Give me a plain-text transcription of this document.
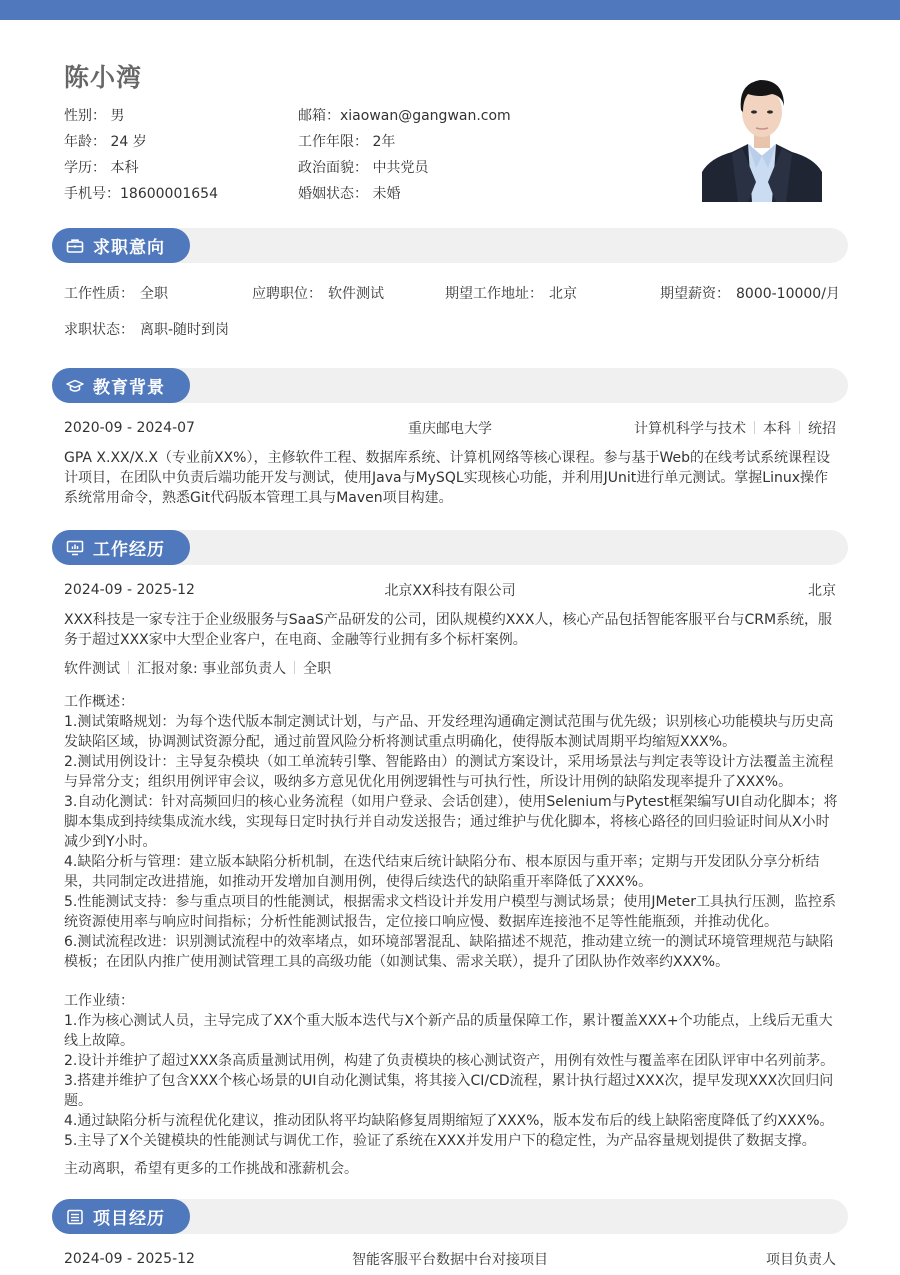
陈小湾
性别： 男	邮箱：xiaowan@gangwan.com
年龄： 24 岁	工作年限： 2年
学历： 本科	政治面貌： 中共党员
手机号：18600001654	婚姻状态： 未婚
求职意向
工作性质： 全职	应聘职位： 软件测试	期望工作地址： 北京	期望薪资： 8000-10000/月
求职状态： 离职-随时到岗
教育背景
2020-09 - 2024-07	重庆邮电大学	计算机科学与技术 本科 统招
GPA X.XX/X.X（专业前XX%），主修软件工程、数据库系统、计算机网络等核心课程。参与基于Web的在线考试系统课程设计项目，在团队中负责后端功能开发与测试，使用Java与MySQL实现核心功能，并利用JUnit进行单元测试。掌握Linux操作系统常用命令，熟悉Git代码版本管理工具与Maven项目构建。
工作经历
2024-09 - 2025-12	北京XX科技有限公司	北京
XXX科技是一家专注于企业级服务与SaaS产品研发的公司，团队规模约XXX人，核心产品包括智能客服平台与CRM系统，服务于超过XXX家中大型企业客户，在电商、金融等行业拥有多个标杆案例。
软件测试 汇报对象: 事业部负责人 全职
工作概述：
1.测试策略规划：为每个迭代版本制定测试计划，与产品、开发经理沟通确定测试范围与优先级；识别核心功能模块与历史高发缺陷区域，协调测试资源分配，通过前置风险分析将测试重点明确化，使得版本测试周期平均缩短XXX%。
2.测试用例设计：主导复杂模块（如工单流转引擎、智能路由）的测试方案设计，采用场景法与判定表等设计方法覆盖主流程与异常分支；组织用例评审会议，吸纳多方意见优化用例逻辑性与可执行性，所设计用例的缺陷发现率提升了XXX%。
3.自动化测试：针对高频回归的核心业务流程（如用户登录、会话创建），使用Selenium与Pytest框架编写UI自动化脚本；将脚本集成到持续集成流水线，实现每日定时执行并自动发送报告；通过维护与优化脚本，将核心路径的回归验证时间从X小时减少到Y小时。
4.缺陷分析与管理：建立版本缺陷分析机制，在迭代结束后统计缺陷分布、根本原因与重开率；定期与开发团队分享分析结果，共同制定改进措施，如推动开发增加自测用例，使得后续迭代的缺陷重开率降低了XXX%。
5.性能测试支持：参与重点项目的性能测试，根据需求文档设计并发用户模型与测试场景；使用JMeter工具执行压测，监控系统资源使用率与响应时间指标；分析性能测试报告，定位接口响应慢、数据库连接池不足等性能瓶颈，并推动优化。
6.测试流程改进：识别测试流程中的效率堵点，如环境部署混乱、缺陷描述不规范，推动建立统一的测试环境管理规范与缺陷模板；在团队内推广使用测试管理工具的高级功能（如测试集、需求关联），提升了团队协作效率约XXX%。
工作业绩：
1.作为核心测试人员，主导完成了XX个重大版本迭代与X个新产品的质量保障工作，累计覆盖XXX+个功能点，上线后无重大线上故障。
2.设计并维护了超过XXX条高质量测试用例，构建了负责模块的核心测试资产，用例有效性与覆盖率在团队评审中名列前茅。
3.搭建并维护了包含XXX个核心场景的UI自动化测试集，将其接入CI/CD流程，累计执行超过XXX次，提早发现XXX次回归问题。
4.通过缺陷分析与流程优化建议，推动团队将平均缺陷修复周期缩短了XXX%，版本发布后的线上缺陷密度降低了约XXX%。
5.主导了X个关键模块的性能测试与调优工作，验证了系统在XXX并发用户下的稳定性，为产品容量规划提供了数据支撑。
主动离职，希望有更多的工作挑战和涨薪机会。
项目经历
2024-09 - 2025-12	智能客服平台数据中台对接项目	项目负责人
